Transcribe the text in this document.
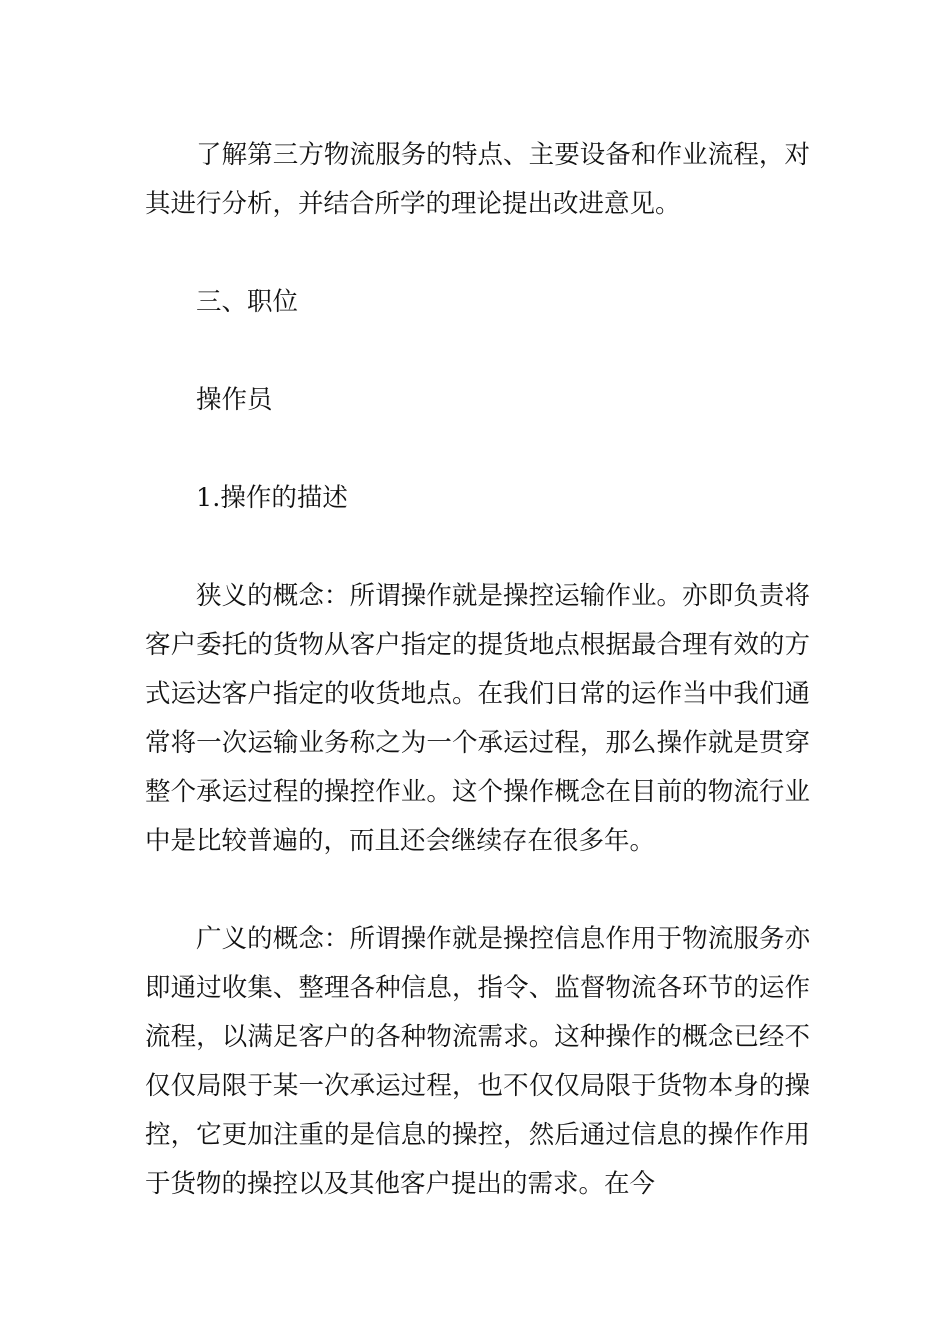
了解第三方物流服务的特点、主要设备和作业流程，对其进行分析，并结合所学的理论提出改进意见。

三、职位

操作员

1.操作的描述

狭义的概念：所谓操作就是操控运输作业。亦即负责将客户委托的货物从客户指定的提货地点根据最合理有效的方式运达客户指定的收货地点。在我们日常的运作当中我们通常将一次运输业务称之为一个承运过程，那么操作就是贯穿整个承运过程的操控作业。这个操作概念在目前的物流行业中是比较普遍的，而且还会继续存在很多年。

广义的概念：所谓操作就是操控信息作用于物流服务亦即通过收集、整理各种信息，指令、监督物流各环节的运作流程，以满足客户的各种物流需求。这种操作的概念已经不仅仅局限于某一次承运过程，也不仅仅局限于货物本身的操控，它更加注重的是信息的操控，然后通过信息的操作作用于货物的操控以及其他客户提出的需求。在今
